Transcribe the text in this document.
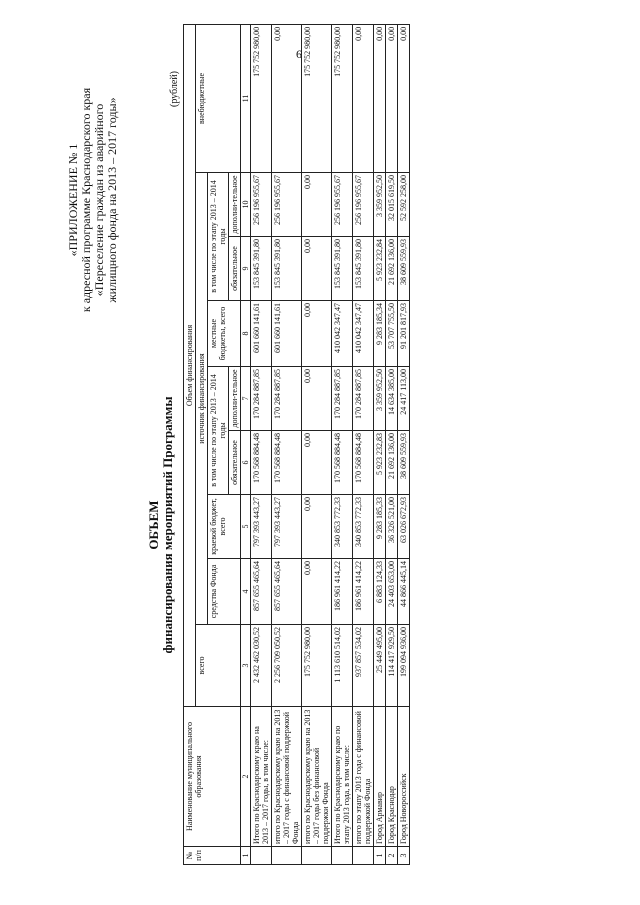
6
«ПРИЛОЖЕНИЕ № 1 к адресной программе Краснодарского края «Переселение граждан из аварийного жилищного фонда на 2013 – 2017 годы»
ОБЪЕМ финансирования мероприятий Программы
(рублей)
№ п/п	Наименование муниципального образования	Объем финансирования								
		всего	источник финансирования							внебюджетные
			средства Фонда	краевой бюджет, всего	в том числе по этапу 2013 – 2014 годы		местные бюджеты, всего	в том числе по этапу 2013 – 2014 годы		
					обязательное	дополни-тельное		обязательное	дополни-тельное	
1	2	3	4	5	6	7	8	9	10	11
	Итого по Краснодарскому краю на 2013 – 2017 годы, в том числе:	2 432 462 030,52	857 655 465,64	797 393 443,27	170 568 884,48	170 284 887,85	601 660 141,61	153 845 391,80	256 196 955,67	175 752 980,00
	итого по Краснодарскому краю на 2013 – 2017 годы с финансовой поддержкой Фонда	2 256 709 050,52	857 655 465,64	797 393 443,27	170 568 884,48	170 284 887,85	601 660 141,61	153 845 391,80	256 196 955,67	0,00
	итого по Краснодарскому краю на 2013 – 2017 годы без финансовой поддержки Фонда	175 752 980,00	0,00	0,00	0,00	0,00	0,00	0,00	0,00	175 752 980,00
	Итого по Краснодарскому краю по этапу 2013 года, в том числе:	1 113 610 514,02	186 961 414,22	340 853 772,33	170 568 884,48	170 284 887,85	410 042 347,47	153 845 391,80	256 196 955,67	175 752 980,00
	итого по этапу 2013 года с финансовой поддержкой Фонда	937 857 534,02	186 961 414,22	340 853 772,33	170 568 884,48	170 284 887,85	410 042 347,47	153 845 391,80	256 196 955,67	0,00
1	Город Армавир	25 449 495,00	6 883 124,33	9 283 185,33	5 923 232,83	3 359 952,50	9 283 185,34	5 923 232,84	3 359 952,50	0,00
2	Город Краснодар	114 417 929,50	24 403 653,00	36 326 521,00	21 692 136,00	14 634 385,00	53 707 755,50	21 692 136,00	32 015 619,50	0,00
3	Город Новороссийск	199 094 936,00	44 866 445,14	63 026 672,93	38 609 559,93	24 417 113,00	91 201 817,93	38 609 559,93	52 592 258,00	0,00
